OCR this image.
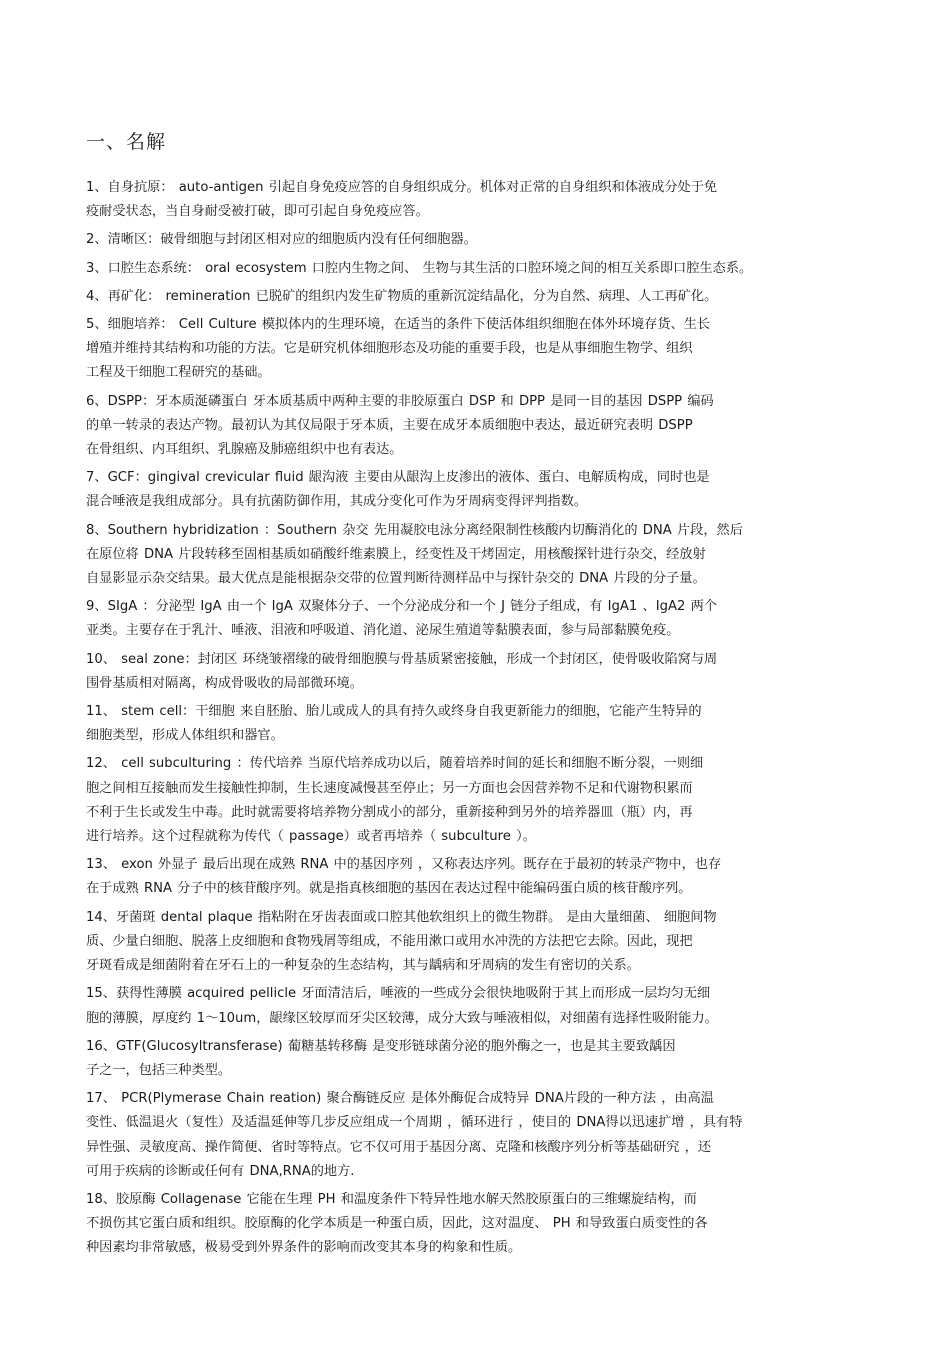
一、名解
1、自身抗原： auto-antigen 引起自身免疫应答的自身组织成分。机体对正常的自身组织和体液成分处于免
疫耐受状态，当自身耐受被打破，即可引起自身免疫应答。
2、清晰区：破骨细胞与封闭区相对应的细胞质内没有任何细胞器。
3、口腔生态系统： oral ecosystem 口腔内生物之间、 生物与其生活的口腔环境之间的相互关系即口腔生态系。
4、再矿化： remineration 已脱矿的组织内发生矿物质的重新沉淀结晶化，分为自然、病理、人工再矿化。
5、细胞培养： Cell Culture 模拟体内的生理环境，在适当的条件下使活体组织细胞在体外环境存货、生长
增殖并维持其结构和功能的方法。它是研究机体细胞形态及功能的重要手段，也是从事细胞生物学、组织
工程及干细胞工程研究的基础。
6、DSPP：牙本质涎磷蛋白 牙本质基质中两种主要的非胶原蛋白 DSP 和 DPP 是同一目的基因 DSPP 编码
的单一转录的表达产物。最初认为其仅局限于牙本质，主要在成牙本质细胞中表达，最近研究表明 DSPP
在骨组织、内耳组织、乳腺癌及肺癌组织中也有表达。
7、GCF：gingival crevicular fluid 龈沟液 主要由从龈沟上皮渗出的液体、蛋白、电解质构成，同时也是
混合唾液是我组成部分。具有抗菌防御作用，其成分变化可作为牙周病变得评判指数。
8、Southern hybridization ：Southern 杂交 先用凝胶电泳分离经限制性核酸内切酶消化的 DNA 片段，然后
在原位将 DNA 片段转移至固相基质如硝酸纤维素膜上，经变性及干烤固定，用核酸探针进行杂交，经放射
自显影显示杂交结果。最大优点是能根据杂交带的位置判断待测样品中与探针杂交的 DNA 片段的分子量。
9、SIgA ：分泌型 IgA 由一个 IgA 双聚体分子、一个分泌成分和一个 J 链分子组成，有 IgA1 、IgA2 两个
亚类。主要存在于乳汁、唾液、泪液和呼吸道、消化道、泌尿生殖道等黏膜表面，参与局部黏膜免疫。
10、 seal zone：封闭区 环绕皱褶缘的破骨细胞膜与骨基质紧密接触，形成一个封闭区，使骨吸收陷窝与周
围骨基质相对隔离，构成骨吸收的局部微环境。
11、 stem cell：干细胞 来自胚胎、胎儿或成人的具有持久或终身自我更新能力的细胞，它能产生特异的
细胞类型，形成人体组织和器官。
12、 cell subculturing ：传代培养 当原代培养成功以后，随着培养时间的延长和细胞不断分裂，一则细
胞之间相互接触而发生接触性抑制，生长速度减慢甚至停止；另一方面也会因营养物不足和代谢物积累而
不利于生长或发生中毒。此时就需要将培养物分割成小的部分，重新接种到另外的培养器皿（瓶）内，再
进行培养。这个过程就称为传代（ passage）或者再培养（ subculture ）。
13、 exon 外显子 最后出现在成熟 RNA 中的基因序列 ，又称表达序列。既存在于最初的转录产物中，也存
在于成熟 RNA 分子中的核苷酸序列。就是指真核细胞的基因在表达过程中能编码蛋白质的核苷酸序列。
14、牙菌斑 dental plaque 指粘附在牙齿表面或口腔其他软组织上的微生物群。 是由大量细菌、 细胞间物
质、少量白细胞、脱落上皮细胞和食物残屑等组成，不能用漱口或用水冲洗的方法把它去除。因此，现把
牙斑看成是细菌附着在牙石上的一种复杂的生态结构，其与龋病和牙周病的发生有密切的关系。
15、获得性薄膜 acquired pellicle 牙面清洁后，唾液的一些成分会很快地吸附于其上而形成一层均匀无细
胞的薄膜，厚度约 1～10um，龈缘区较厚而牙尖区较薄，成分大致与唾液相似，对细菌有选择性吸附能力。
16、GTF(Glucosyltransferase) 葡糖基转移酶 是变形链球菌分泌的胞外酶之一，也是其主要致龋因
子之一，包括三种类型。
17、 PCR(Plymerase Chain reation) 聚合酶链反应 是体外酶促合成特异 DNA片段的一种方法 ，由高温
变性、低温退火（复性）及适温延伸等几步反应组成一个周期 ，循环进行 ，使目的 DNA得以迅速扩增 ，具有特
异性强、灵敏度高、操作简便、省时等特点。它不仅可用于基因分离、克隆和核酸序列分析等基础研究 ，还
可用于疾病的诊断或任何有 DNA,RNA的地方.
18、胶原酶 Collagenase 它能在生理 PH 和温度条件下特异性地水解天然胶原蛋白的三维螺旋结构，而
不损伤其它蛋白质和组织。胶原酶的化学本质是一种蛋白质，因此，这对温度、 PH 和导致蛋白质变性的各
种因素均非常敏感，极易受到外界条件的影响而改变其本身的构象和性质。
